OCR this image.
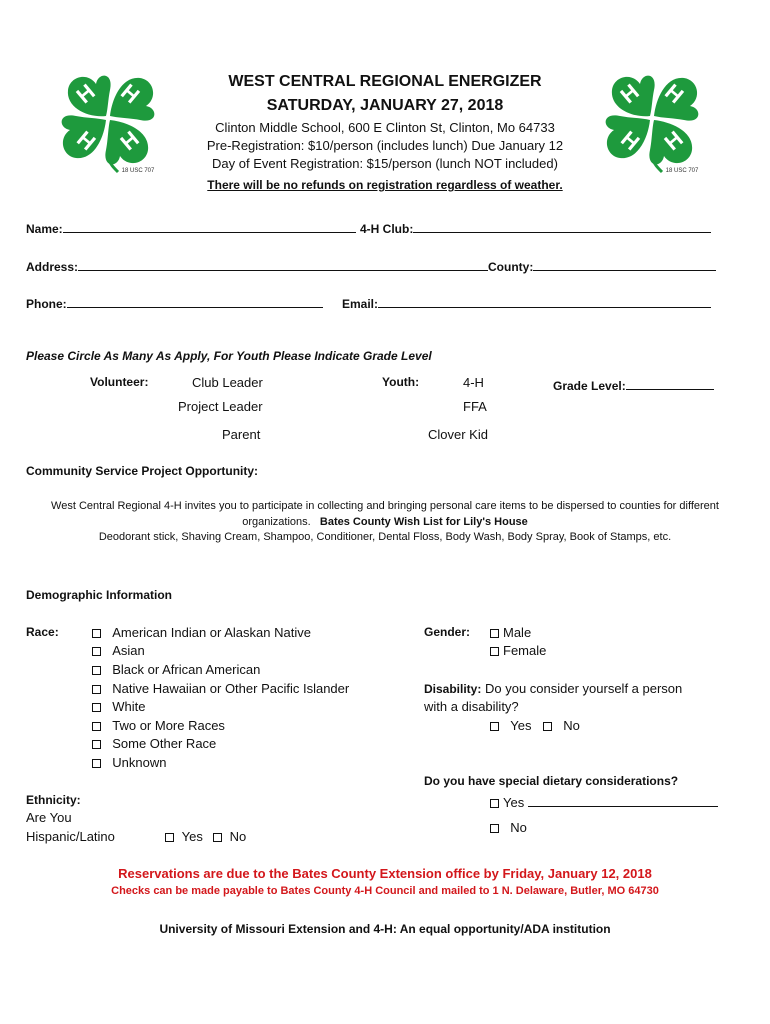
H H
H
H
18 USC 707
H H
H
H
18 USC 707
WEST CENTRAL REGIONAL ENERGIZER
SATURDAY, JANUARY 27, 2018
Clinton Middle School, 600 E Clinton St, Clinton, Mo 64733
Pre-Registration: $10/person (includes lunch) Due January 12
Day of Event Registration: $15/person (lunch NOT included)
There will be no refunds on registration regardless of weather.
Name:	4-H Club:
Address:	County:
Phone:	Email:
Please Circle As Many As Apply, For Youth Please Indicate Grade Level
Volunteer:	Club Leader
Project Leader
Parent
Youth:	4-H
FFA
Clover Kid
Grade Level:
Community Service Project Opportunity:
West Central Regional 4-H invites you to participate in collecting and bringing personal care items to be dispersed to counties for different
organizations. Bates County Wish List for Lily's House
Deodorant stick, Shaving Cream, Shampoo, Conditioner, Dental Floss, Body Wash, Body Spray, Book of Stamps, etc.
Demographic Information
Race:	American Indian or Alaskan Native
Asian
Black or African American
Native Hawaiian or Other Pacific Islander
White
Two or More Races
Some Other Race
Unknown
Gender:	Male
Female
Disability: Do you consider yourself a person
with a disability?
Yes	No
Do you have special dietary considerations?
Yes
No
Ethnicity:
Are You
Hispanic/Latino	Yes	No
Reservations are due to the Bates County Extension office by Friday, January 12, 2018
Checks can be made payable to Bates County 4-H Council and mailed to 1 N. Delaware, Butler, MO 64730
University of Missouri Extension and 4-H: An equal opportunity/ADA institution
